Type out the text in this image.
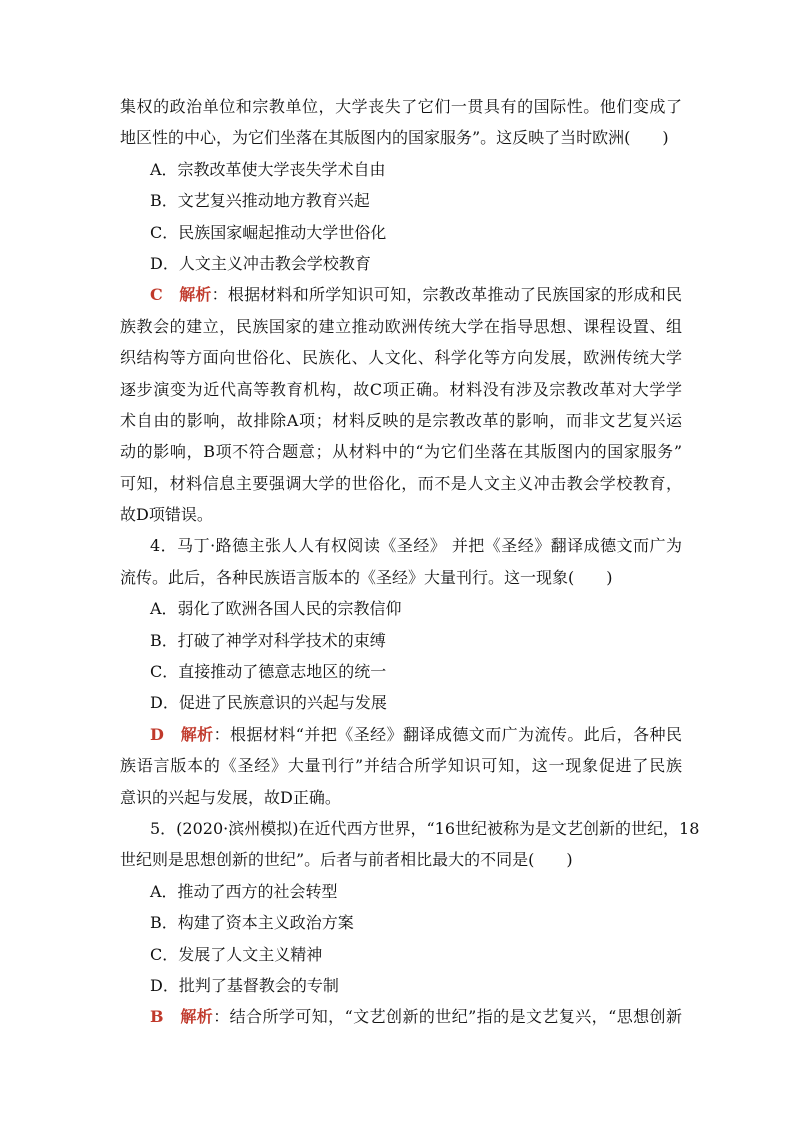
集权的政治单位和宗教单位，大学丧失了它们一贯具有的国际性。他们变成了
地区性的中心，为它们坐落在其版图内的国家服务”。这反映了当时欧洲(　　)
A．宗教改革使大学丧失学术自由
B．文艺复兴推动地方教育兴起
C．民族国家崛起推动大学世俗化
D．人文主义冲击教会学校教育
C　 解析：根据材料和所学知识可知，宗教改革推动了民族国家的形成和民
族教会的建立，民族国家的建立推动欧洲传统大学在指导思想、课程设置、组
织结构等方面向世俗化、民族化、人文化、科学化等方向发展，欧洲传统大学
逐步演变为近代高等教育机构，故C项正确。材料没有涉及宗教改革对大学学
术自由的影响，故排除A项；材料反映的是宗教改革的影响，而非文艺复兴运
动的影响，B项不符合题意；从材料中的“为它们坐落在其版图内的国家服务”
可知，材料信息主要强调大学的世俗化，而不是人文主义冲击教会学校教育，
故D项错误。
4．马丁·路德主张人人有权阅读《圣经》 并把《圣经》翻译成德文而广为
流传。此后，各种民族语言版本的《圣经》大量刊行。这一现象(　　)
A．弱化了欧洲各国人民的宗教信仰
B．打破了神学对科学技术的束缚
C．直接推动了德意志地区的统一
D．促进了民族意识的兴起与发展
D　 解析：根据材料“并把《圣经》翻译成德文而广为流传。此后，各种民
族语言版本的《圣经》大量刊行”并结合所学知识可知，这一现象促进了民族
意识的兴起与发展，故D正确。
5．(2020·滨州模拟)在近代西方世界，“16世纪被称为是文艺创新的世纪，18
世纪则是思想创新的世纪”。后者与前者相比最大的不同是(　　)
A．推动了西方的社会转型
B．构建了资本主义政治方案
C．发展了人文主义精神
D．批判了基督教会的专制
B　 解析：结合所学可知，“文艺创新的世纪”指的是文艺复兴，“思想创新
